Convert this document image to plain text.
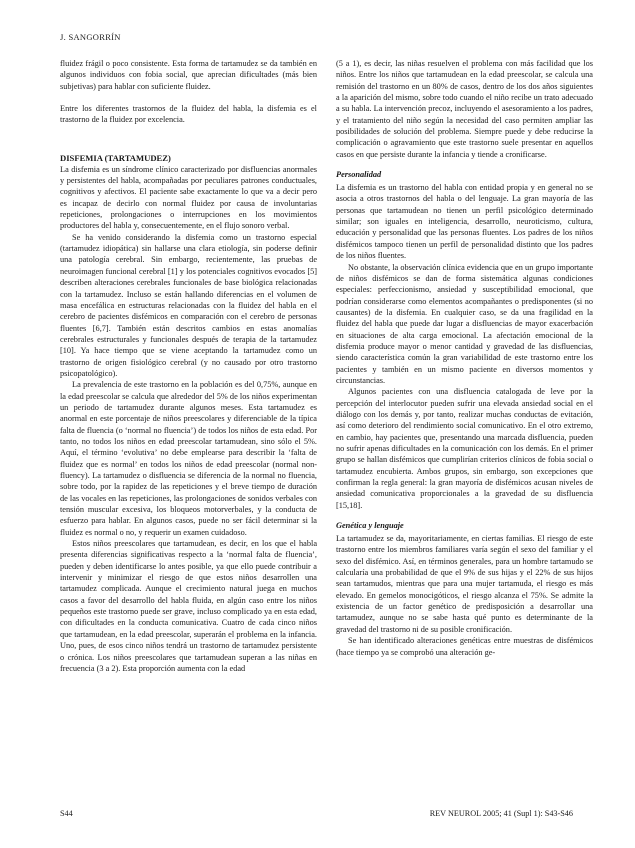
J. SANGORRÍN

fluidez frágil o poco consistente. Esta forma de tartamudez se da también en algunos individuos con fobia social, que aprecian dificultades (más bien subjetivas) para hablar con suficiente fluidez.

Entre los diferentes trastornos de la fluidez del habla, la disfemia es el trastorno de la fluidez por excelencia.

DISFEMIA (TARTAMUDEZ)

La disfemia es un síndrome clínico caracterizado por disfluencias anormales y persistentes del habla, acompañadas por peculiares patrones conductuales, cognitivos y afectivos. El paciente sabe exactamente lo que va a decir pero es incapaz de decirlo con normal fluidez por causa de involuntarias repeticiones, prolongaciones o interrupciones en los movimientos productores del habla y, consecuentemente, en el flujo sonoro verbal.

Se ha venido considerando la disfemia como un trastorno especial (tartamudez idiopática) sin hallarse una clara etiología, sin poderse definir una patología cerebral. Sin embargo, recientemente, las pruebas de neuroimagen funcional cerebral [1] y los potenciales cognitivos evocados [5] describen alteraciones cerebrales funcionales de base biológica relacionadas con la tartamudez. Incluso se están hallando diferencias en el volumen de masa encefálica en estructuras relacionadas con la fluidez del habla en el cerebro de pacientes disfémicos en comparación con el cerebro de personas fluentes [6,7]. También están descritos cambios en estas anomalías cerebrales estructurales y funcionales después de terapia de la tartamudez [10]. Ya hace tiempo que se viene aceptando la tartamudez como un trastorno de origen fisiológico cerebral (y no causado por otro trastorno psicopatológico).

La prevalencia de este trastorno en la población es del 0,75%, aunque en la edad preescolar se calcula que alrededor del 5% de los niños experimentan un periodo de tartamudez durante algunos meses. Esta tartamudez es anormal en este porcentaje de niños preescolares y diferenciable de la típica falta de fluencia (o ‘normal no fluencia’) de todos los niños de esta edad. Por tanto, no todos los niños en edad preescolar tartamudean, sino sólo el 5%. Aquí, el término ‘evolutiva’ no debe emplearse para describir la ‘falta de fluidez que es normal’ en todos los niños de edad preescolar (normal non-fluency). La tartamudez o disfluencia se diferencia de la normal no fluencia, sobre todo, por la rapidez de las repeticiones y el breve tiempo de duración de las vocales en las repeticiones, las prolongaciones de sonidos verbales con tensión muscular excesiva, los bloqueos motorverbales, y la conducta de esfuerzo para hablar. En algunos casos, puede no ser fácil determinar si la fluidez es normal o no, y requerir un examen cuidadoso.

Estos niños preescolares que tartamudean, es decir, en los que el habla presenta diferencias significativas respecto a la ‘normal falta de fluencia’, pueden y deben identificarse lo antes posible, ya que ello puede contribuir a intervenir y minimizar el riesgo de que estos niños desarrollen una tartamudez complicada. Aunque el crecimiento natural juega en muchos casos a favor del desarrollo del habla fluida, en algún caso entre los niños pequeños este trastorno puede ser grave, incluso complicado ya en esta edad, con dificultades en la conducta comunicativa. Cuatro de cada cinco niños que tartamudean, en la edad preescolar, superarán el problema en la infancia. Uno, pues, de esos cinco niños tendrá un trastorno de tartamudez persistente o crónica. Los niños preescolares que tartamudean superan a las niñas en frecuencia (3 a 2). Esta proporción aumenta con la edad

(5 a 1), es decir, las niñas resuelven el problema con más facilidad que los niños. Entre los niños que tartamudean en la edad preescolar, se calcula una remisión del trastorno en un 80% de casos, dentro de los dos años siguientes a la aparición del mismo, sobre todo cuando el niño recibe un trato adecuado a su habla. La intervención precoz, incluyendo el asesoramiento a los padres, y el tratamiento del niño según la necesidad del caso permiten ampliar las posibilidades de solución del problema. Siempre puede y debe reducirse la complicación o agravamiento que este trastorno suele presentar en aquellos casos en que persiste durante la infancia y tiende a cronificarse.

Personalidad

La disfemia es un trastorno del habla con entidad propia y en general no se asocia a otros trastornos del habla o del lenguaje. La gran mayoría de las personas que tartamudean no tienen un perfil psicológico determinado similar; son iguales en inteligencia, desarrollo, neuroticismo, cultura, educación y personalidad que las personas fluentes. Los padres de los niños disfémicos tampoco tienen un perfil de personalidad distinto que los padres de los niños fluentes.

No obstante, la observación clínica evidencia que en un grupo importante de niños disfémicos se dan de forma sistemática algunas condiciones especiales: perfeccionismo, ansiedad y susceptibilidad emocional, que podrían considerarse como elementos acompañantes o predisponentes (si no causantes) de la disfemia. En cualquier caso, se da una fragilidad en la fluidez del habla que puede dar lugar a disfluencias de mayor exacerbación en situaciones de alta carga emocional. La afectación emocional de la disfemia produce mayor o menor cantidad y gravedad de las disfluencias, siendo característica común la gran variabilidad de este trastorno entre los pacientes y también en un mismo paciente en diversos momentos y circunstancias.

Algunos pacientes con una disfluencia catalogada de leve por la percepción del interlocutor pueden sufrir una elevada ansiedad social en el diálogo con los demás y, por tanto, realizar muchas conductas de evitación, así como deterioro del rendimiento social comunicativo. En el otro extremo, en cambio, hay pacientes que, presentando una marcada disfluencia, pueden no sufrir apenas dificultades en la comunicación con los demás. En el primer grupo se hallan disfémicos que cumplirían criterios clínicos de fobia social o tartamudez encubierta. Ambos grupos, sin embargo, son excepciones que confirman la regla general: la gran mayoría de disfémicos acusan niveles de ansiedad comunicativa proporcionales a la gravedad de su disfluencia [15,18].

Genética y lenguaje

La tartamudez se da, mayoritariamente, en ciertas familias. El riesgo de este trastorno entre los miembros familiares varía según el sexo del familiar y el sexo del disfémico. Así, en términos generales, para un hombre tartamudo se calcularía una probabilidad de que el 9% de sus hijas y el 22% de sus hijos sean tartamudos, mientras que para una mujer tartamuda, el riesgo es más elevado. En gemelos monocigóticos, el riesgo alcanza el 75%. Se admite la existencia de un factor genético de predisposición a desarrollar una tartamudez, aunque no se sabe hasta qué punto es determinante de la gravedad del trastorno ni de su posible cronificación.

Se han identificado alteraciones genéticas entre muestras de disfémicos (hace tiempo ya se comprobó una alteración ge-

S44	REV NEUROL 2005; 41 (Supl 1): S43-S46
